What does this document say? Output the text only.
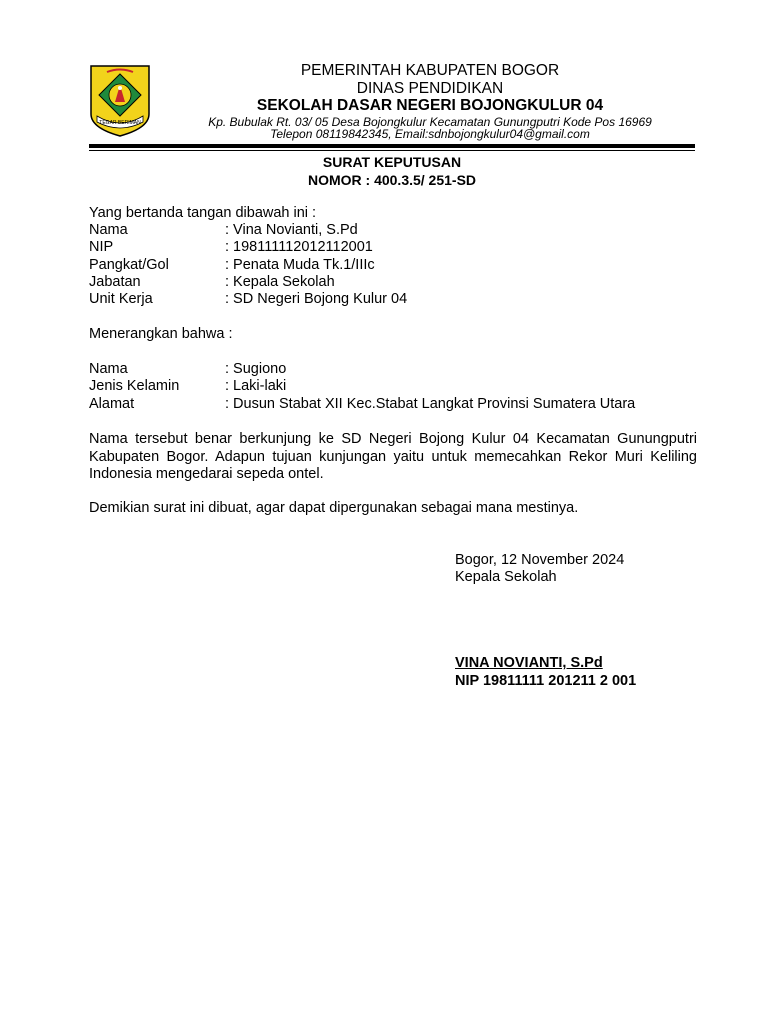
TEGAR BERIMAN
PEMERINTAH KABUPATEN BOGOR
DINAS PENDIDIKAN
SEKOLAH DASAR NEGERI BOJONGKULUR 04
Kp. Bubulak Rt. 03/ 05 Desa Bojongkulur Kecamatan Gunungputri Kode Pos 16969
Telepon 08119842345, Email:sdnbojongkulur04@gmail.com
SURAT KEPUTUSAN
NOMOR : 400.3.5/ 251-SD
Yang bertanda tangan dibawah ini :
Nama	: Vina Novianti, S.Pd
NIP	: 198111112012112001
Pangkat/Gol	: Penata Muda Tk.1/IIIc
Jabatan	: Kepala Sekolah
Unit Kerja	: SD Negeri Bojong Kulur 04
Menerangkan bahwa :
Nama	: Sugiono
Jenis Kelamin	: Laki-laki
Alamat	: Dusun Stabat XII Kec.Stabat Langkat Provinsi Sumatera Utara
Nama tersebut benar berkunjung ke SD Negeri Bojong Kulur 04 Kecamatan Gunungputri Kabupaten Bogor. Adapun tujuan kunjungan yaitu untuk memecahkan Rekor Muri Keliling Indonesia mengedarai sepeda ontel.
Demikian surat ini dibuat, agar dapat dipergunakan sebagai mana mestinya.
Bogor, 12 November 2024
Kepala Sekolah
VINA NOVIANTI, S.Pd
NIP 19811111 201211 2 001
